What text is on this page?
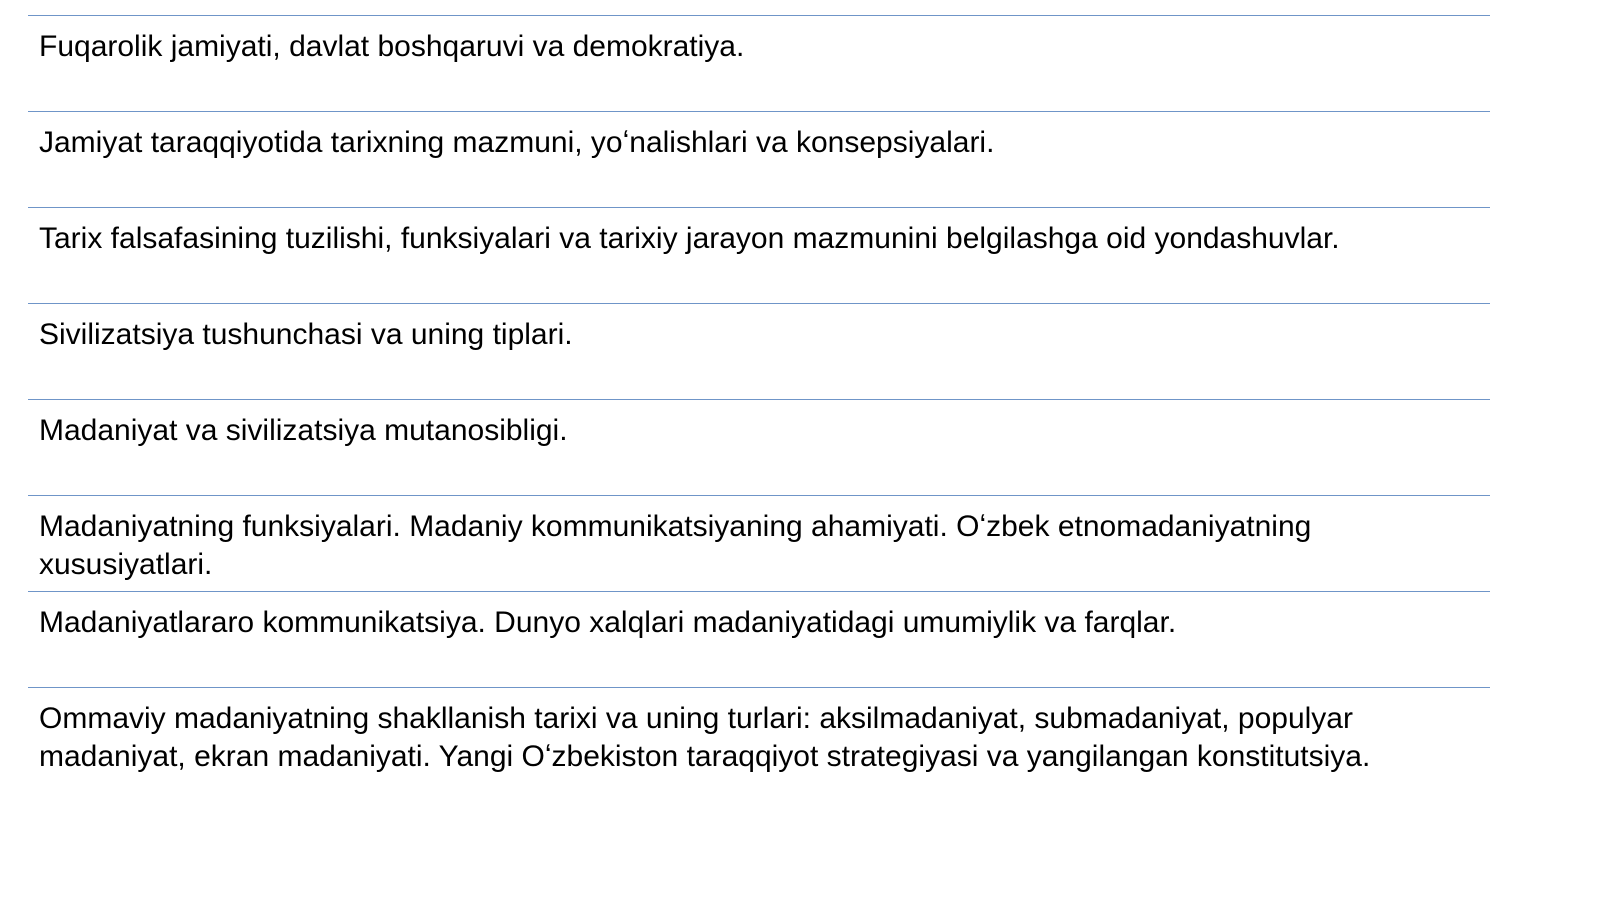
Fuqarolik jamiyati, davlat boshqaruvi va demokratiya.
Jamiyat taraqqiyotida tarixning mazmuni, yoʻnalishlari va konsepsiyalari.
Tarix falsafasining tuzilishi, funksiyalari va tarixiy jarayon mazmunini belgilashga oid yondashuvlar.
Sivilizatsiya tushunchasi va uning tiplari.
Madaniyat va sivilizatsiya mutanosibligi.
Madaniyatning funksiyalari. Madaniy kommunikatsiyaning ahamiyati. Oʻzbek etnomadaniyatning xususiyatlari.
Madaniyatlararo kommunikatsiya. Dunyo xalqlari madaniyatidagi umumiylik va farqlar.
Ommaviy madaniyatning shakllanish tarixi va uning turlari: aksilmadaniyat, submadaniyat, populyar madaniyat, ekran madaniyati. Yangi Oʻzbekiston taraqqiyot strategiyasi va yangilangan konstitutsiya.
